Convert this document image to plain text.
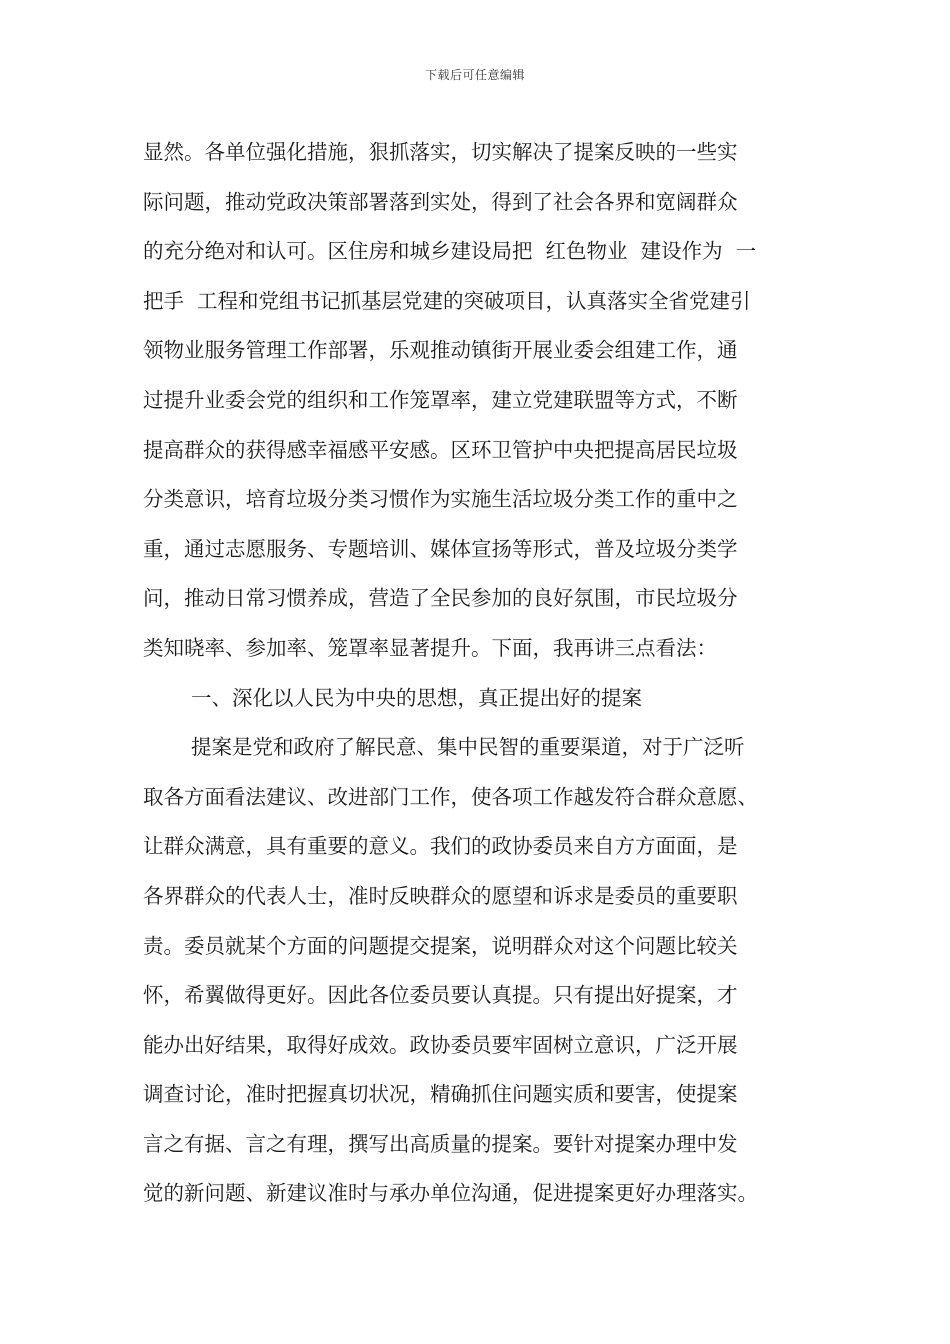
下载后可任意编辑
显然。各单位强化措施，狠抓落实，切实解决了提案反映的一些实
际问题，推动党政决策部署落到实处，得到了社会各界和宽阔群众
的充分绝对和认可。区住房和城乡建设局把  红色物业  建设作为  一
把手  工程和党组书记抓基层党建的突破项目，认真落实全省党建引
领物业服务管理工作部署，乐观推动镇街开展业委会组建工作，通
过提升业委会党的组织和工作笼罩率，建立党建联盟等方式，不断
提高群众的获得感幸福感平安感。区环卫管护中央把提高居民垃圾
分类意识，培育垃圾分类习惯作为实施生活垃圾分类工作的重中之
重，通过志愿服务、专题培训、媒体宣扬等形式，普及垃圾分类学
问，推动日常习惯养成，营造了全民参加的良好氛围，市民垃圾分
类知晓率、参加率、笼罩率显著提升。下面，我再讲三点看法：
一、深化以人民为中央的思想，真正提出好的提案
提案是党和政府了解民意、集中民智的重要渠道，对于广泛听
取各方面看法建议、改进部门工作，使各项工作越发符合群众意愿、
让群众满意，具有重要的意义。我们的政协委员来自方方面面，是
各界群众的代表人士，准时反映群众的愿望和诉求是委员的重要职
责。委员就某个方面的问题提交提案，说明群众对这个问题比较关
怀，希翼做得更好。因此各位委员要认真提。只有提出好提案，才
能办出好结果，取得好成效。政协委员要牢固树立意识，广泛开展
调查讨论，准时把握真切状况，精确抓住问题实质和要害，使提案
言之有据、言之有理，撰写出高质量的提案。要针对提案办理中发
觉的新问题、新建议准时与承办单位沟通，促进提案更好办理落实。
